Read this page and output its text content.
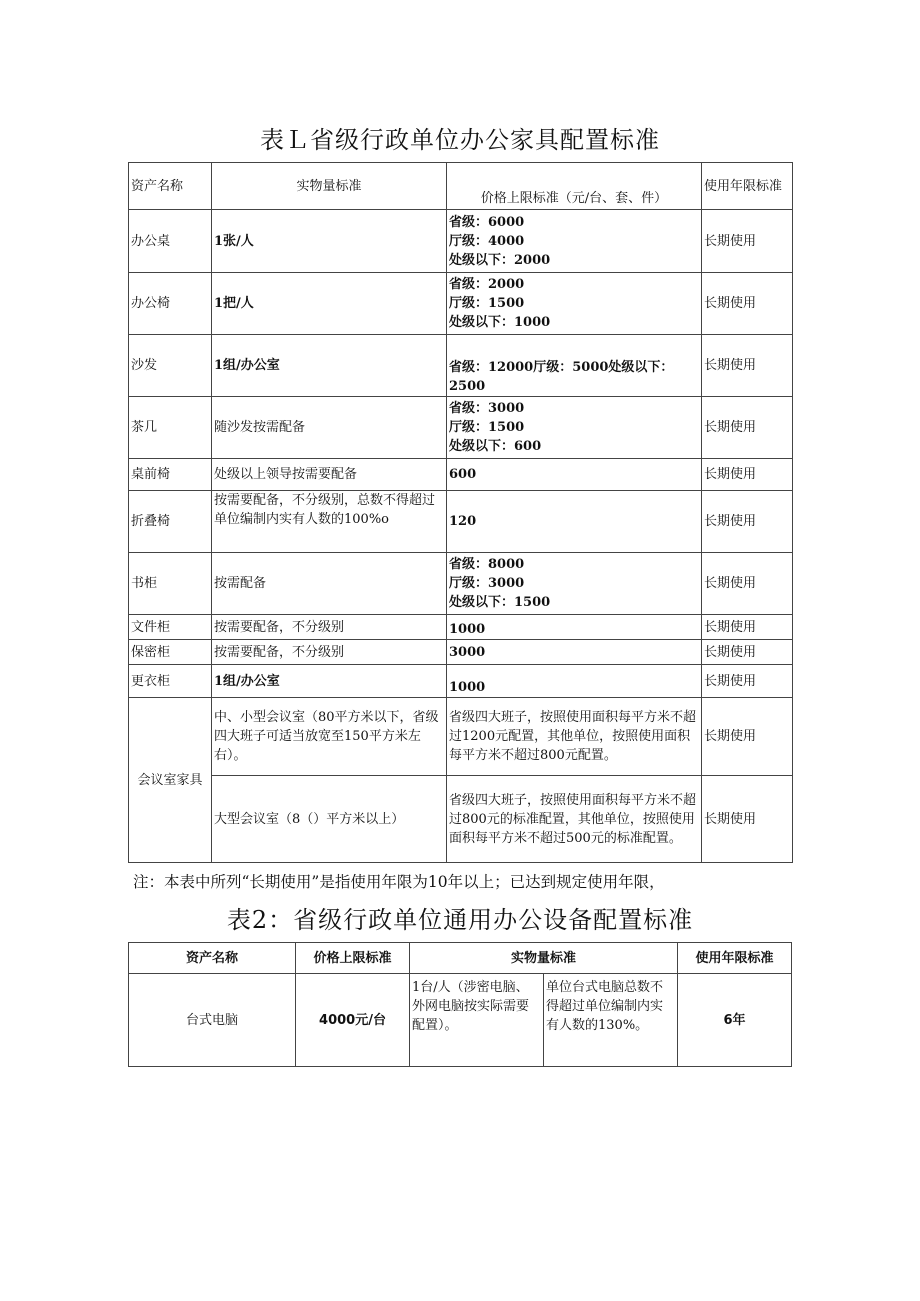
表Ｌ省级行政单位办公家具配置标准
资产名称	实物量标准	价格上限标准（元/台、套、件）	使用年限标准
办公桌	1张/人	省级：6000
厅级：4000
处级以下：2000	长期使用
办公椅	1把/人	省级：2000
厅级：1500
处级以下：1000	长期使用
沙发	1组/办公室	省级：12000厅级：5000处级以下：
2500	长期使用
茶几	随沙发按需配备	省级：3000
厅级：1500
处级以下：600	长期使用
桌前椅	处级以上领导按需要配备	600	长期使用
折叠椅	按需要配备，不分级别，总数不得超过单位编制内实有人数的100%o	120	长期使用
书柜	按需配备	省级：8000
厅级：3000
处级以下：1500	长期使用
文件柜	按需要配备，不分级别	1000	长期使用
保密柜	按需要配备，不分级别	3000	长期使用
更衣柜	1组/办公室	1000	长期使用
会议室家具	中、小型会议室（80平方米以下，省级四大班子可适当放宽至150平方米左右）。	省级四大班子，按照使用面积每平方米不超过1200元配置，其他单位，按照使用面积每平方米不超过800元配置。	长期使用
	大型会议室（8（）平方米以上）	省级四大班子，按照使用面积每平方米不超过800元的标准配置，其他单位，按照使用面积每平方米不超过500元的标准配置。	长期使用
注：本表中所列“长期使用”是指使用年限为10年以上；已达到规定使用年限，
表2：省级行政单位通用办公设备配置标准
资产名称	价格上限标准	实物量标准		使用年限标准
台式电脑	4000元/台	1台/人（涉密电脑、外网电脑按实际需要配置）。	单位台式电脑总数不得超过单位编制内实有人数的130%。	6年
